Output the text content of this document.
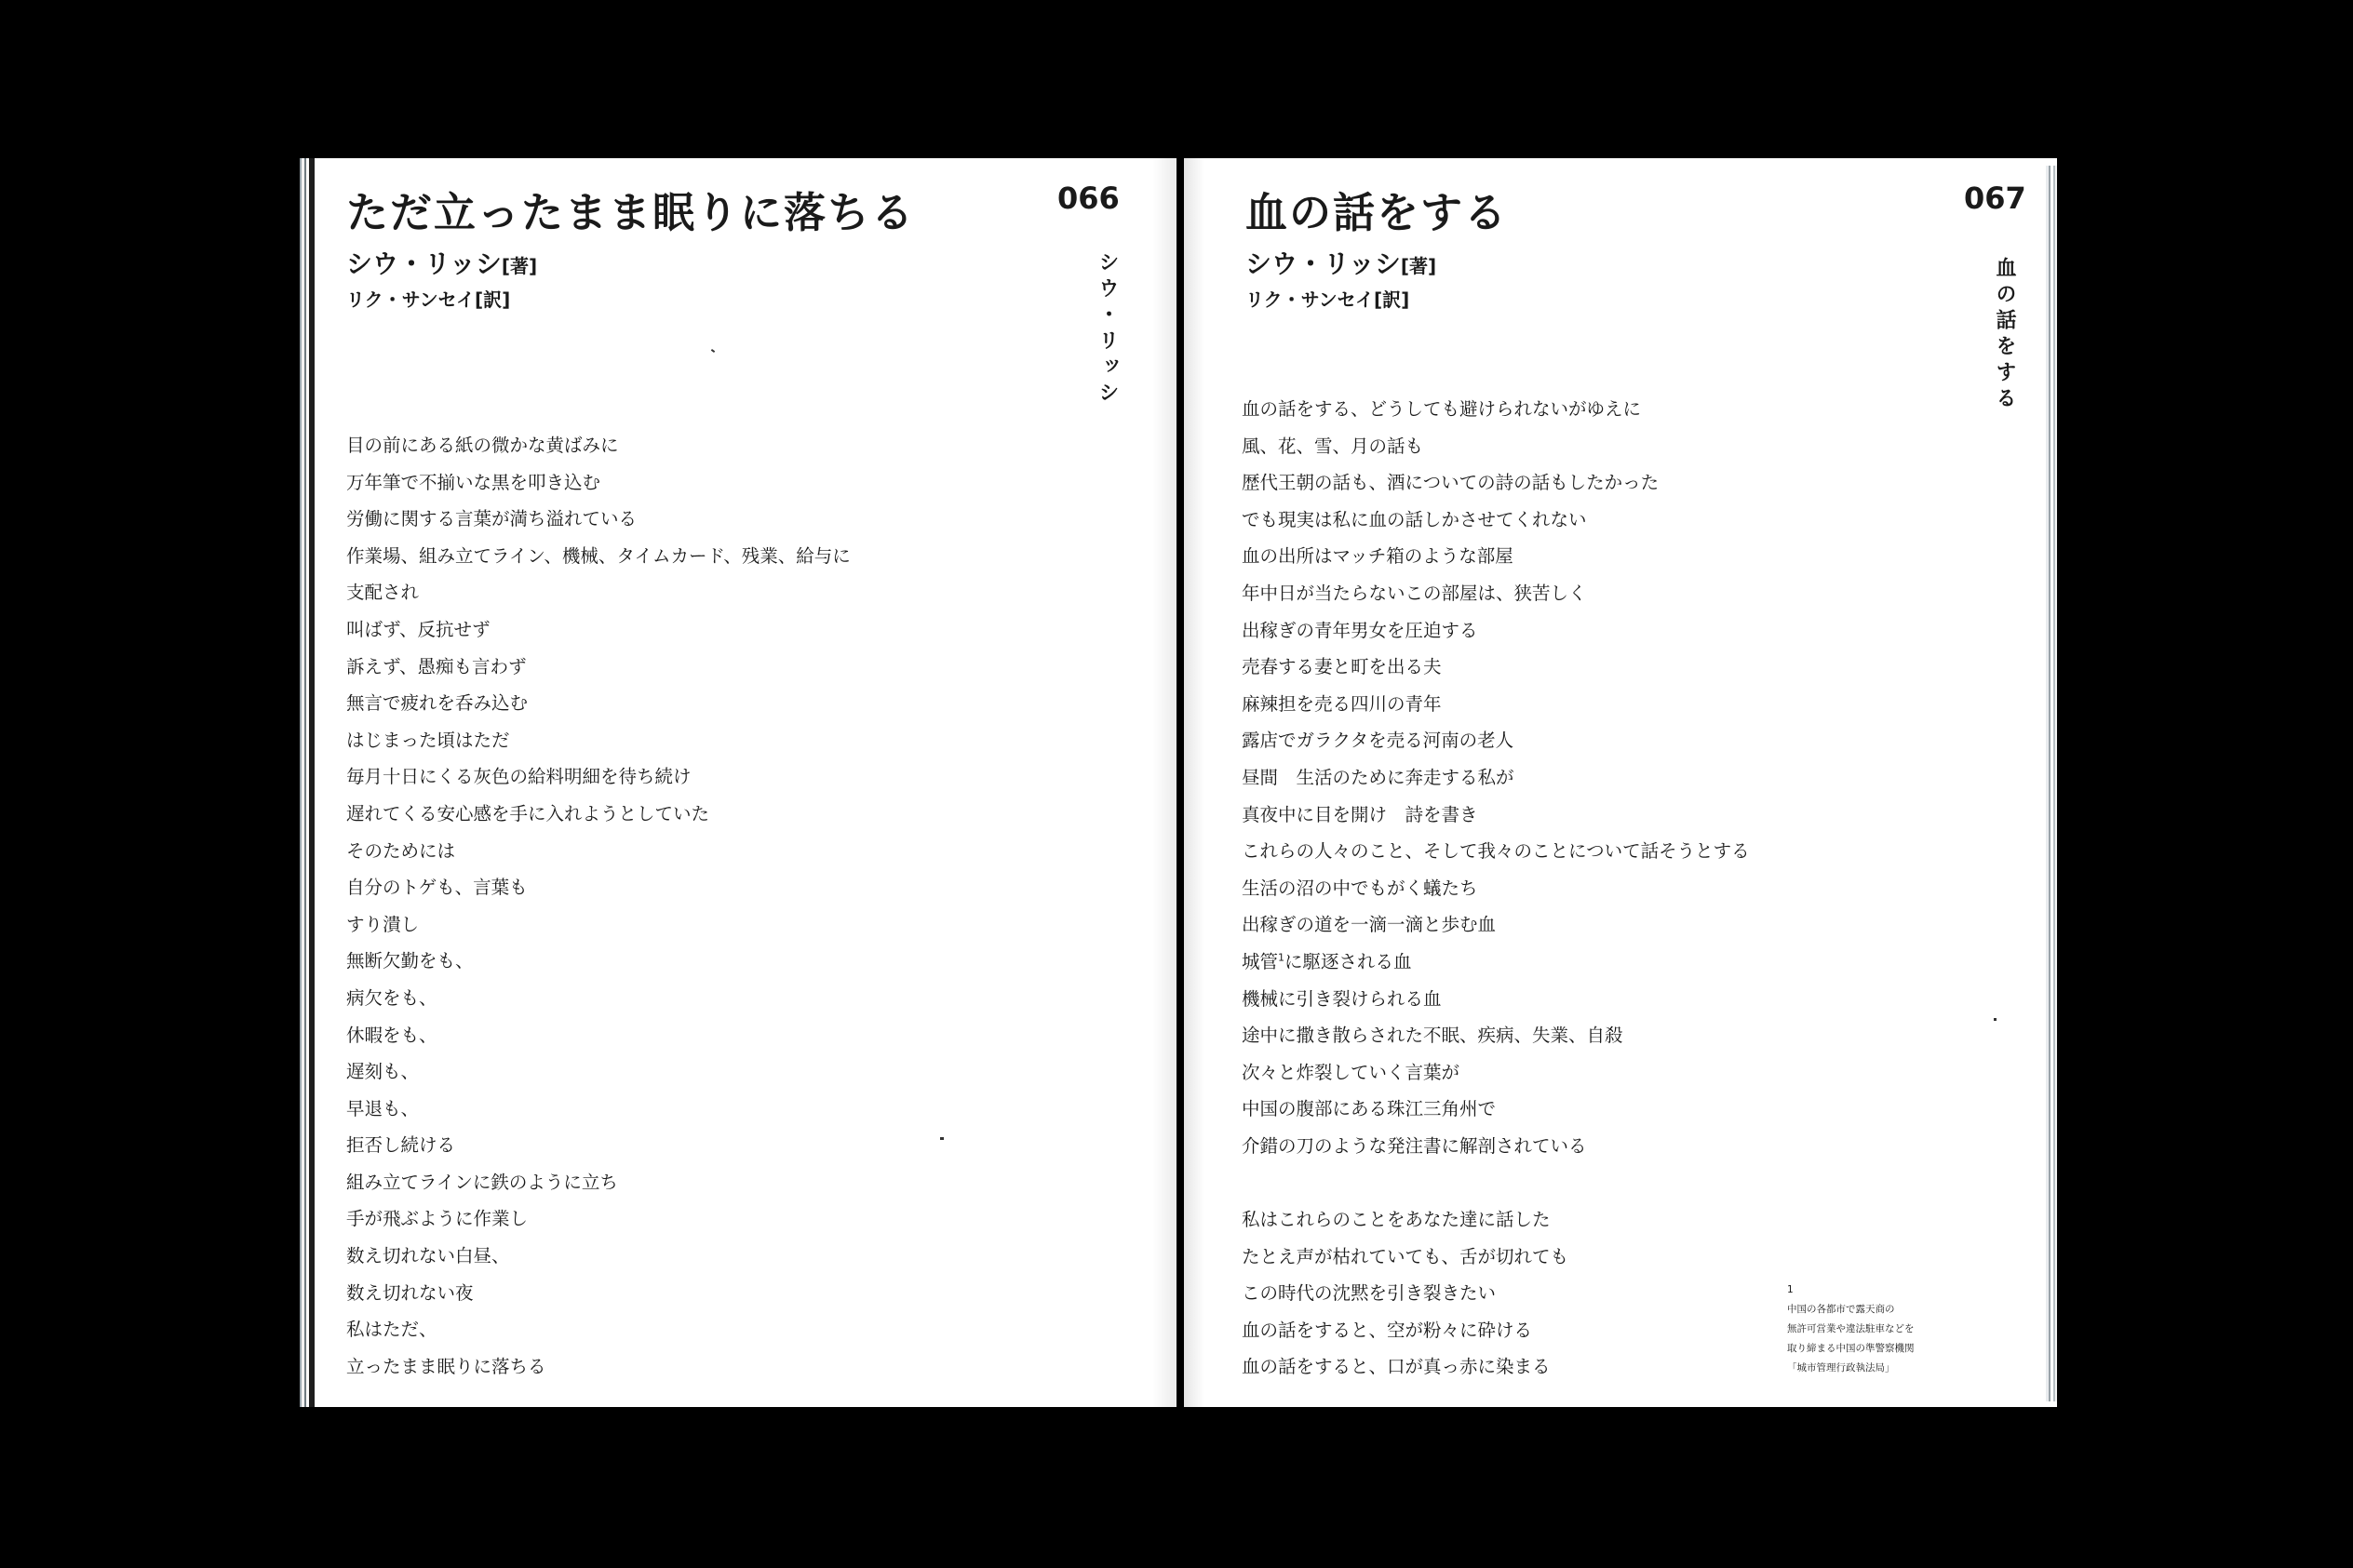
ただ立ったまま眠りに落ちる	066
シウ・リッシ[著]
リク・サンセイ[訳]	シウ・リッシ
目の前にある紙の微かな黄ばみに
万年筆で不揃いな黒を叩き込む
労働に関する言葉が満ち溢れている
作業場、組み立てライン、機械、タイムカード、残業、給与に
支配され
叫ばず、反抗せず
訴えず、愚痴も言わず
無言で疲れを呑み込む
はじまった頃はただ
毎月十日にくる灰色の給料明細を待ち続け
遅れてくる安心感を手に入れようとしていた
そのためには
自分のトゲも、言葉も
すり潰し
無断欠勤をも、
病欠をも、
休暇をも、
遅刻も、
早退も、
拒否し続ける
組み立てラインに鉄のように立ち
手が飛ぶように作業し
数え切れない白昼、
数え切れない夜
私はただ、
立ったまま眠りに落ちる
血の話をする	067
シウ・リッシ[著]
リク・サンセイ[訳]	血の話をする
血の話をする、どうしても避けられないがゆえに
風、花、雪、月の話も
歴代王朝の話も、酒についての詩の話もしたかった
でも現実は私に血の話しかさせてくれない
血の出所はマッチ箱のような部屋
年中日が当たらないこの部屋は、狭苦しく
出稼ぎの青年男女を圧迫する
売春する妻と町を出る夫
麻辣担を売る四川の青年
露店でガラクタを売る河南の老人
昼間　生活のために奔走する私が
真夜中に目を開け　詩を書き
これらの人々のこと、そして我々のことについて話そうとする
生活の沼の中でもがく蟻たち
出稼ぎの道を一滴一滴と歩む血
城管$^1$に駆逐される血
機械に引き裂けられる血
途中に撒き散らされた不眠、疾病、失業、自殺
次々と炸裂していく言葉が
中国の腹部にある珠江三角州で
介錯の刀のような発注書に解剖されている
私はこれらのことをあなた達に話した
たとえ声が枯れていても、舌が切れても
この時代の沈黙を引き裂きたい
血の話をすると、空が粉々に砕ける
血の話をすると、口が真っ赤に染まる
1
中国の各都市で露天商の
無許可営業や違法駐車などを
取り締まる中国の準警察機関
「城市管理行政執法局」
